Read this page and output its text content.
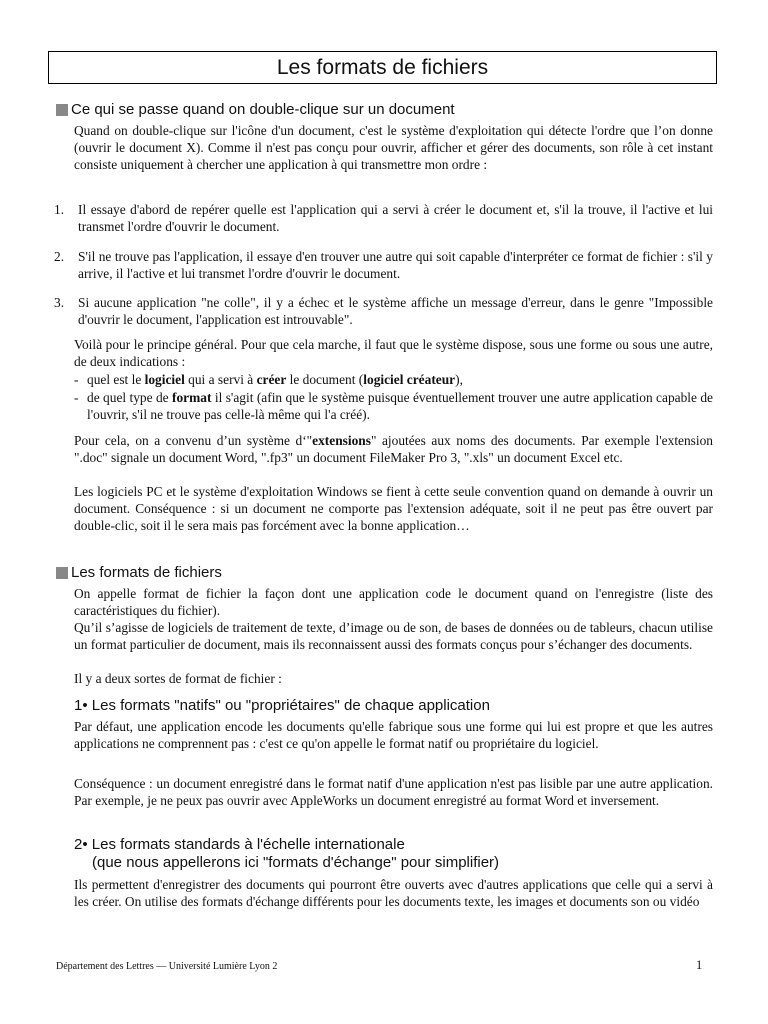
Les formats de fichiers
Ce qui se passe quand on double-clique sur un document
Quand on double-clique sur l'icône d'un document, c'est le système d'exploitation qui détecte l'ordre que l’on donne (ouvrir le document X). Comme il n'est pas conçu pour ouvrir, afficher et gérer des documents, son rôle à cet instant consiste uniquement à chercher une application à qui transmettre mon ordre :
1. Il essaye d'abord de repérer quelle est l'application qui a servi à créer le document et, s'il la trouve, il l'active et lui transmet l'ordre d'ouvrir le document.
2. S'il ne trouve pas l'application, il essaye d'en trouver une autre qui soit capable d'interpréter ce format de fichier : s'il y arrive, il l'active et lui transmet l'ordre d'ouvrir le document.
3. Si aucune application "ne colle", il y a échec et le système affiche un message d'erreur, dans le genre "Impossible d'ouvrir le document, l'application est introuvable".
Voilà pour le principe général. Pour que cela marche, il faut que le système dispose, sous une forme ou sous une autre, de deux indications :
- quel est le logiciel qui a servi à créer le document (logiciel créateur),
- de quel type de format il s'agit (afin que le système puisque éventuellement trouver une autre application capable de l'ouvrir, s'il ne trouve pas celle-là même qui l'a créé).
Pour cela, on a convenu d’un système d‘"extensions" ajoutées aux noms des documents. Par exemple l'extension ".doc" signale un document Word, ".fp3" un document FileMaker Pro 3, ".xls" un document Excel etc.
Les logiciels PC et le système d'exploitation Windows se fient à cette seule convention quand on demande à ouvrir un document. Conséquence : si un document ne comporte pas l'extension adéquate, soit il ne peut pas être ouvert par double-clic, soit il le sera mais pas forcément avec la bonne application…
Les formats de fichiers
On appelle format de fichier la façon dont une application code le document quand on l'enregistre (liste des caractéristiques du fichier).
Qu’il s’agisse de logiciels de traitement de texte, d’image ou de son, de bases de données ou de tableurs, chacun utilise un format particulier de document, mais ils reconnaissent aussi des formats conçus pour s’échanger des documents.
Il y a deux sortes de format de fichier :
1• Les formats "natifs" ou "propriétaires" de chaque application
Par défaut, une application encode les documents qu'elle fabrique sous une forme qui lui est propre et que les autres applications ne comprennent pas : c'est ce qu'on appelle le format natif ou propriétaire du logiciel.
Conséquence : un document enregistré dans le format natif d'une application n'est pas lisible par une autre application. Par exemple, je ne peux pas ouvrir avec AppleWorks un document enregistré au format Word et inversement.
2• Les formats standards à l'échelle internationale
(que nous appellerons ici "formats d'échange" pour simplifier)
Ils permettent d'enregistrer des documents qui pourront être ouverts avec d'autres applications que celle qui a servi à les créer. On utilise des formats d'échange différents pour les documents texte, les images et documents son ou vidéo
Département des Lettres — Université Lumière Lyon 2	1
